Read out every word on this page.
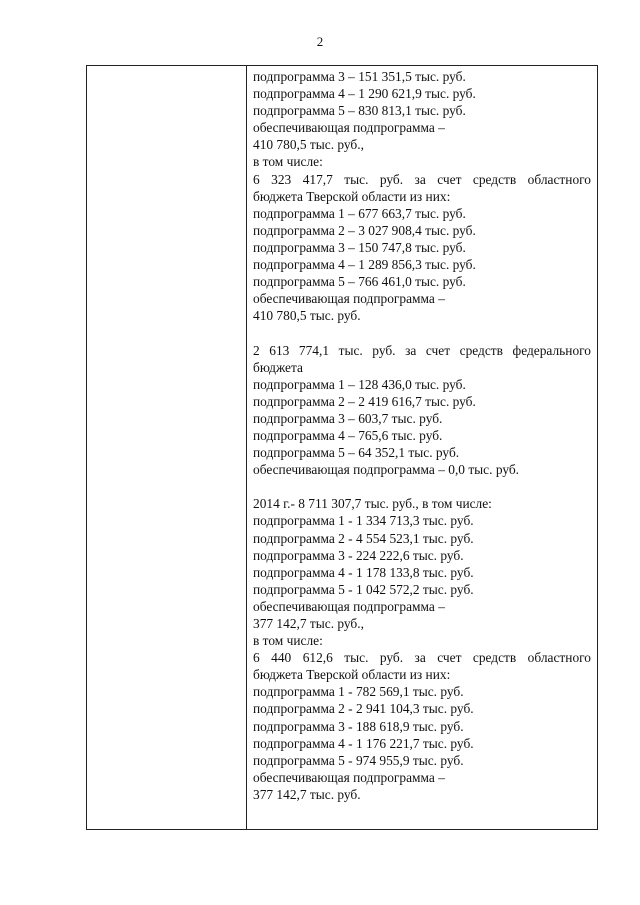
2
подпрограмма 3 – 151 351,5 тыс. руб.
подпрограмма 4 – 1 290 621,9 тыс. руб.
подпрограмма 5 – 830 813,1 тыс. руб.
обеспечивающая подпрограмма –
410 780,5 тыс. руб.,
в том числе:
6 323 417,7 тыс. руб. за счет средств областного
бюджета Тверской области из них:
подпрограмма 1 – 677 663,7 тыс. руб.
подпрограмма 2 – 3 027 908,4 тыс. руб.
подпрограмма 3 – 150 747,8 тыс. руб.
подпрограмма 4 – 1 289 856,3 тыс. руб.
подпрограмма 5 – 766 461,0 тыс. руб.
обеспечивающая подпрограмма –
410 780,5 тыс. руб.
2 613 774,1 тыс. руб. за счет средств федерального
бюджета
подпрограмма 1 – 128 436,0 тыс. руб.
подпрограмма 2 – 2 419 616,7 тыс. руб.
подпрограмма 3 – 603,7 тыс. руб.
подпрограмма 4 – 765,6 тыс. руб.
подпрограмма 5 – 64 352,1 тыс. руб.
обеспечивающая подпрограмма – 0,0 тыс. руб.
2014 г.- 8 711 307,7 тыс. руб., в том числе:
подпрограмма 1 - 1 334 713,3 тыс. руб.
подпрограмма 2 - 4 554 523,1 тыс. руб.
подпрограмма 3 - 224 222,6 тыс. руб.
подпрограмма 4 - 1 178 133,8 тыс. руб.
подпрограмма 5 - 1 042 572,2 тыс. руб.
обеспечивающая подпрограмма –
377 142,7 тыс. руб.,
в том числе:
6 440 612,6 тыс. руб. за счет средств областного
бюджета Тверской области из них:
подпрограмма 1 - 782 569,1 тыс. руб.
подпрограмма 2 - 2 941 104,3 тыс. руб.
подпрограмма 3 - 188 618,9 тыс. руб.
подпрограмма 4 - 1 176 221,7 тыс. руб.
подпрограмма 5 - 974 955,9 тыс. руб.
обеспечивающая подпрограмма –
377 142,7 тыс. руб.
